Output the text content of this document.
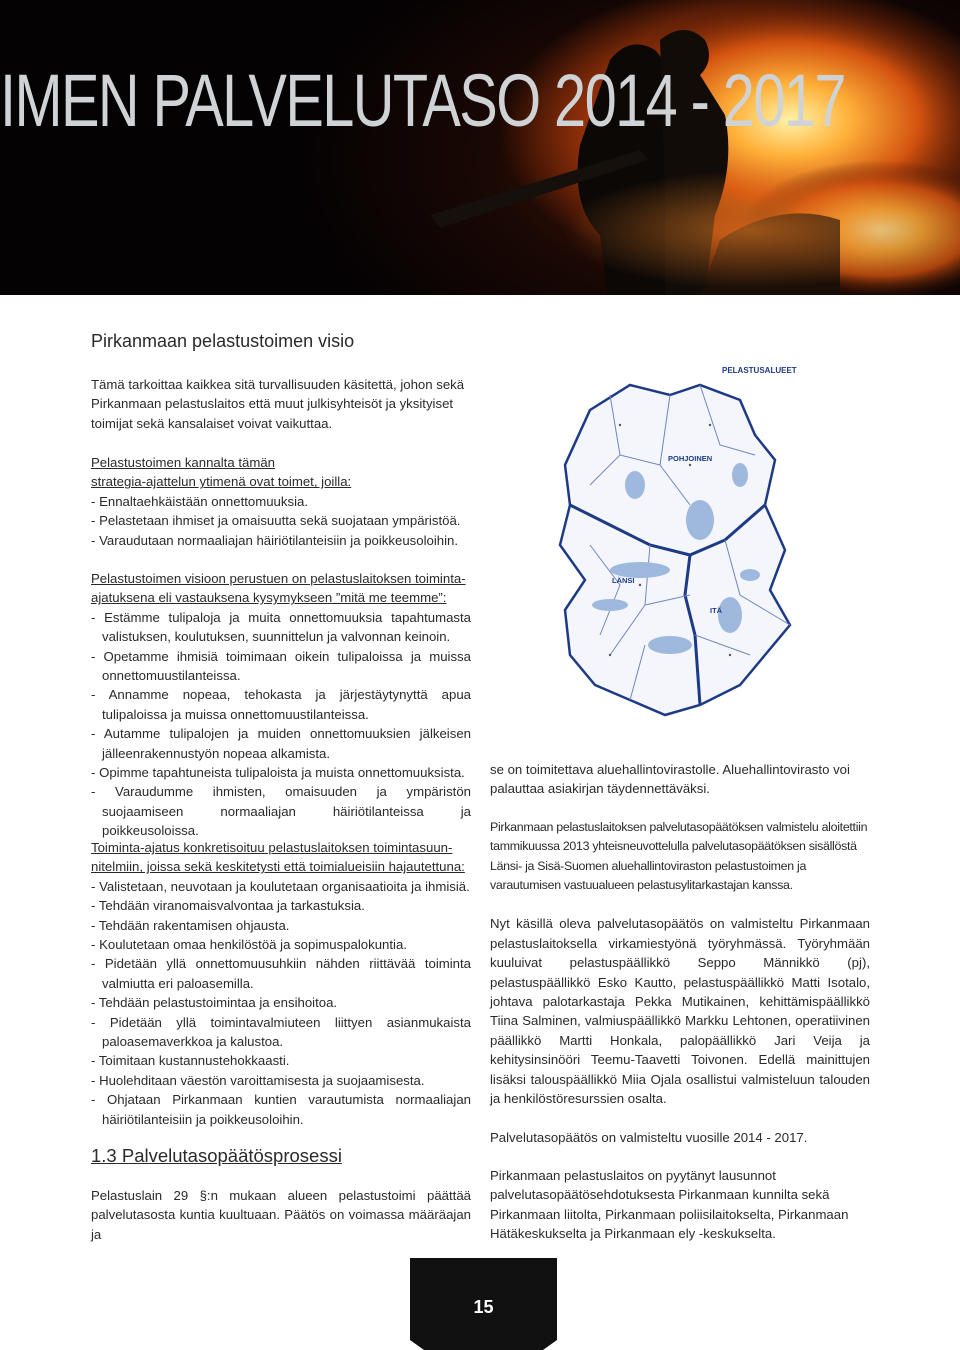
IMEN PALVELUTASO 2014 - 2017
Pirkanmaan pelastustoimen visio

Tämä tarkoittaa kaikkea sitä turvallisuuden käsitettä, johon sekä Pirkanmaan pelastuslaitos että muut julkisyhteisöt ja yksityiset toimijat sekä kansalaiset voivat vaikuttaa.

Pelastustoimen kannalta tämän

strategia-ajattelun ytimenä ovat toimet, joilla:

- Ennaltaehkäistään onnettomuuksia.
- Pelastetaan ihmiset ja omaisuutta sekä suojataan ympäristöä.
- Varaudutaan normaaliajan häiriötilanteisiin ja poikkeusoloihin.

Pelastustoimen visioon perustuen on pelastuslaitoksen toiminta-

ajatuksena eli vastauksena kysymykseen ”mitä me teemme”:

- Estämme tulipaloja ja muita onnettomuuksia tapahtumasta valistuksen, koulutuksen, suunnittelun ja valvonnan keinoin.
- Opetamme ihmisiä toimimaan oikein tulipaloissa ja muissa onnettomuustilanteissa.
- Annamme nopeaa, tehokasta ja järjestäytynyttä apua tulipaloissa ja muissa onnettomuustilanteissa.
- Autamme tulipalojen ja muiden onnettomuuksien jälkeisen jälleenrakennustyön nopeaa alkamista.
- Opimme tapahtuneista tulipaloista ja muista onnettomuuksista.
- Varaudumme ihmisten, omaisuuden ja ympäristön suojaamiseen normaaliajan häiriötilanteissa ja poikkeusoloissa.

Toiminta-ajatus konkretisoituu pelastuslaitoksen toimintasuun-

nitelmiin, joissa sekä keskitetysti että toimialueisiin hajautettuna:

- Valistetaan, neuvotaan ja koulutetaan organisaatioita ja ihmisiä.
- Tehdään viranomaisvalvontaa ja tarkastuksia.
- Tehdään rakentamisen ohjausta.
- Koulutetaan omaa henkilöstöä ja sopimuspalokuntia.
- Pidetään yllä onnettomuusuhkiin nähden riittävää toiminta valmiutta eri paloasemilla.
- Tehdään pelastustoimintaa ja ensihoitoa.
- Pidetään yllä toimintavalmiuteen liittyen asianmukaista paloasemaverkkoa ja kalustoa.
- Toimitaan kustannustehokkaasti.
- Huolehditaan väestön varoittamisesta ja suojaamisesta.
- Ohjataan Pirkanmaan kuntien varautumista normaaliajan häiriötilanteisiin ja poikkeusoloihin.
1.3 Palvelutasopäätösprosessi

Pelastuslain 29 §:n mukaan alueen pelastustoimi päättää palvelutasosta kuntia kuultuaan. Päätös on voimassa määräajan ja

PELASTUSALUEET
POHJOINEN
LÄNSI
ITÄ

se on toimitettava aluehallintovirastolle. Aluehallintovirasto voi palauttaa asiakirjan täydennettäväksi.

Pirkanmaan pelastuslaitoksen palvelutasopäätöksen valmistelu aloitettiin tammikuussa 2013 yhteisneuvottelulla palvelutasopäätöksen sisällöstä Länsi- ja Sisä-Suomen aluehallintoviraston pelastustoimen ja varautumisen vastuualueen pelastusylitarkastajan kanssa.

Nyt käsillä oleva palvelutasopäätös on valmisteltu Pirkanmaan pelastuslaitoksella virkamiestyönä työryhmässä. Työryhmään kuuluivat pelastuspäällikkö Seppo Männikkö (pj), pelastuspäällikkö Esko Kautto, pelastuspäällikkö Matti Isotalo, johtava palotarkastaja Pekka Mutikainen, kehittämispäällikkö Tiina Salminen, valmiuspäällikkö Markku Lehtonen, operatiivinen päällikkö Martti Honkala, palopäällikkö Jari Veija ja kehitysinsinööri Teemu-Taavetti Toivonen. Edellä mainittujen lisäksi talouspäällikkö Miia Ojala osallistui valmisteluun talouden ja henkilöstöresurssien osalta.

Palvelutasopäätös on valmisteltu vuosille 2014 - 2017.

Pirkanmaan pelastuslaitos on pyytänyt lausunnot palvelutasopäätösehdotuksesta Pirkanmaan kunnilta sekä Pirkanmaan liitolta, Pirkanmaan poliisilaitokselta, Pirkanmaan Hätäkeskukselta ja Pirkanmaan ely -keskukselta.

15
